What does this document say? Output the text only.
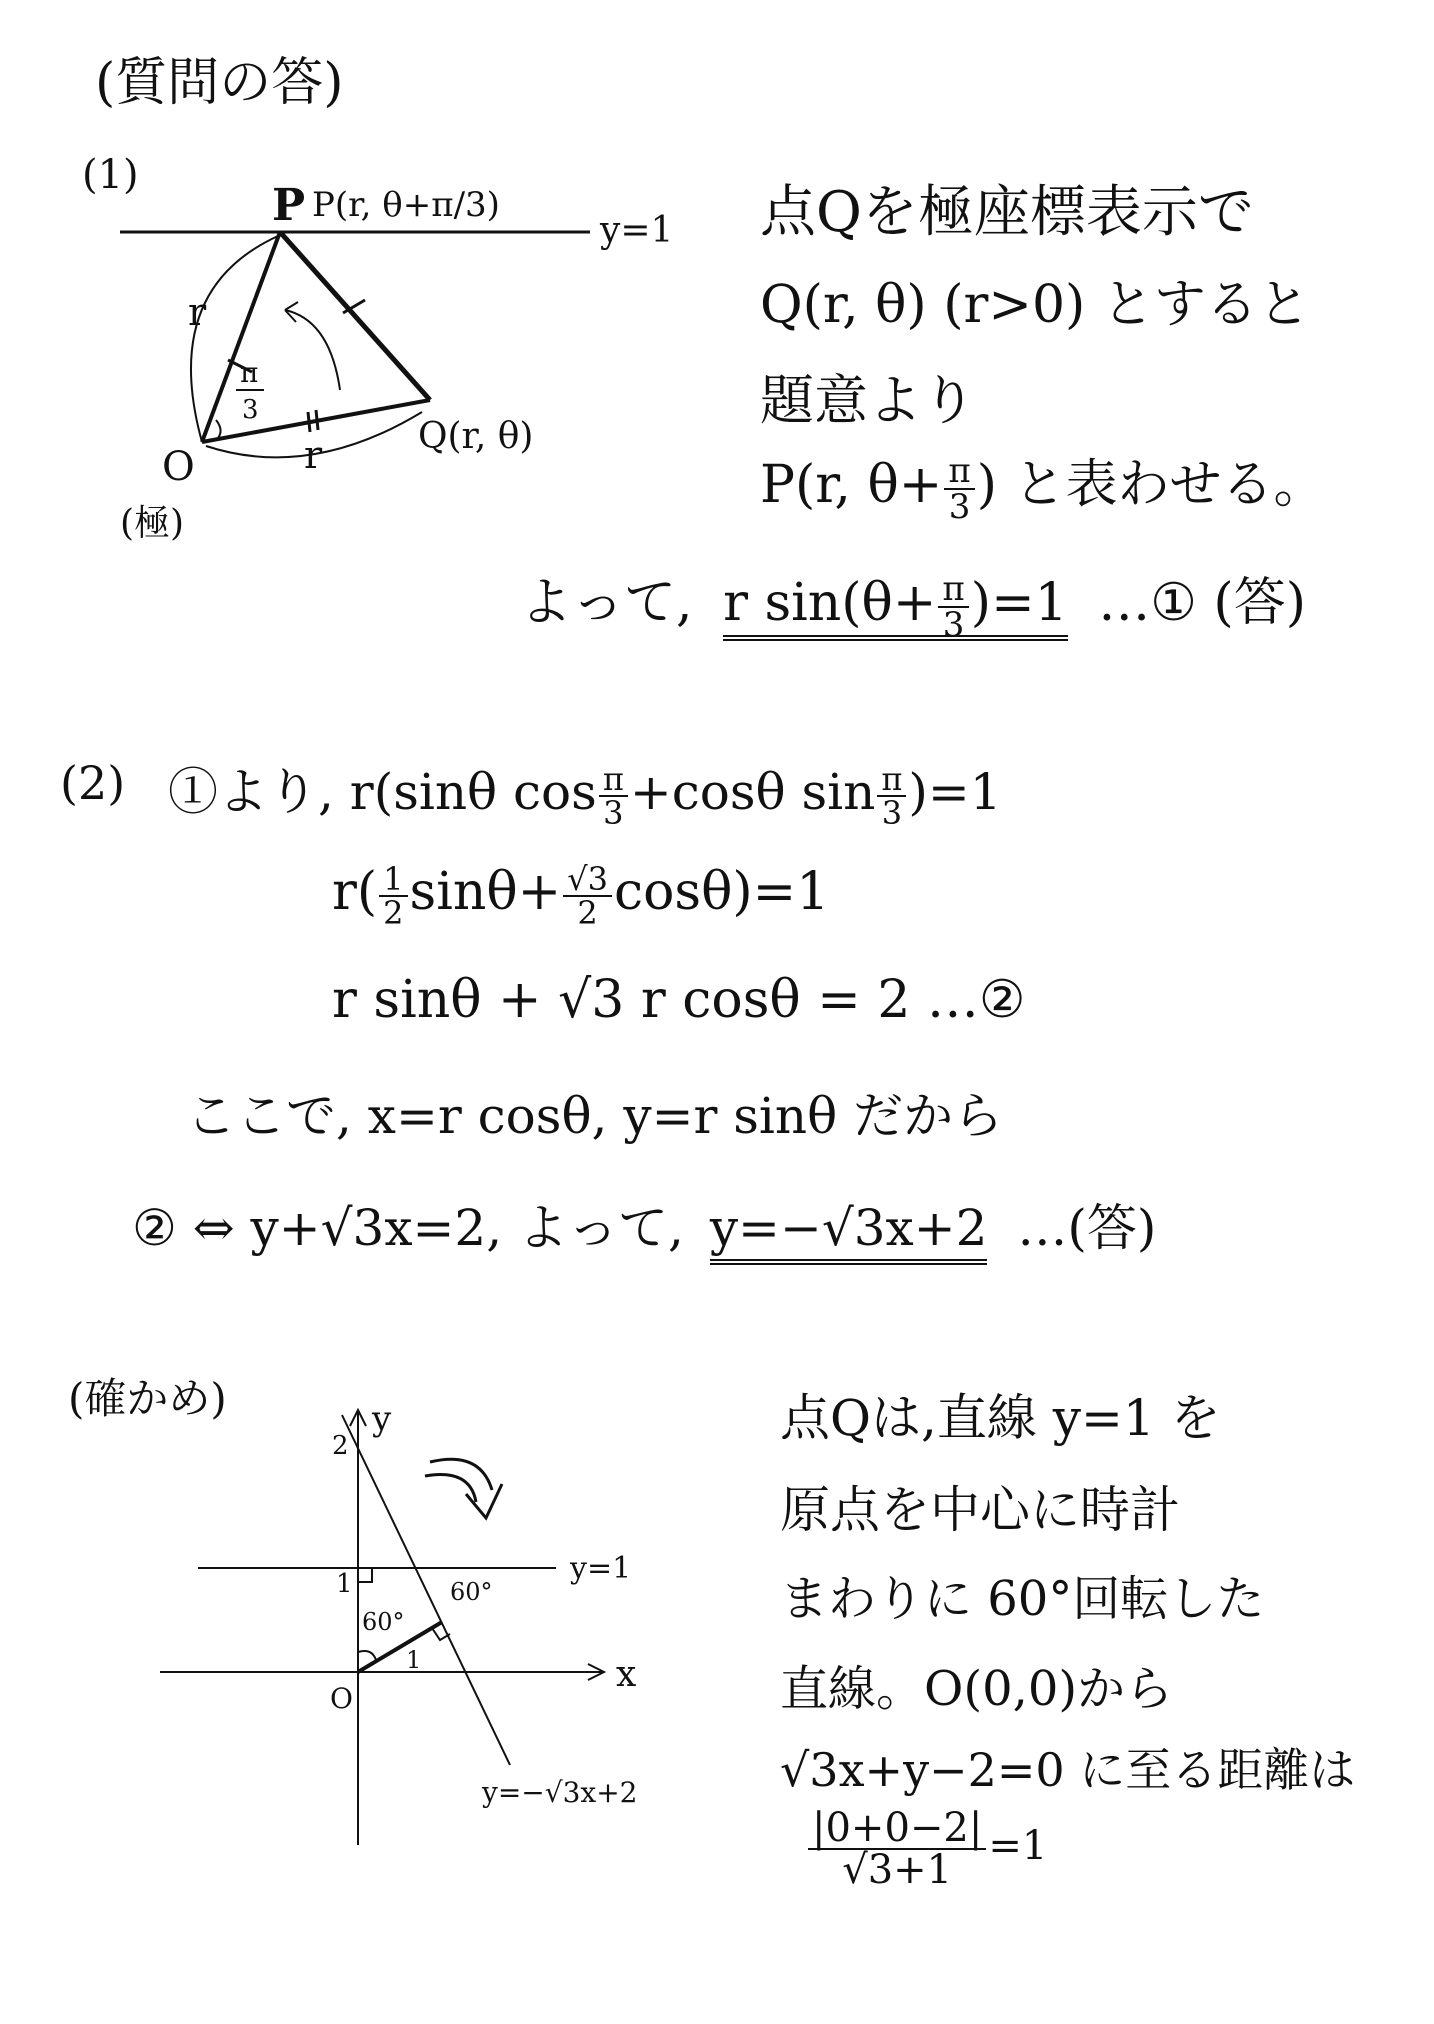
(質問の答)
(1)
P P(r, θ+π/3)
y=1
r
r
π
3
O
(極)
Q(r, θ)
点Qを極座標表示で
Q(r, θ) (r>0) とすると
題意より
P(r, $\theta+ \frac{\pi}{3}$ ) と表わせる。
よって, r $\sin(\theta+ \frac{\pi}{3} )=1$ …① (答)
(2) ①より, r(sinθ $\cos \frac{\pi}{3} +\cos\theta$ $\sin \frac{\pi}{3} )=1$
$r( \frac{1}{2} \sin\theta+ \frac{√3}{2} \cos\theta)=1$
r sinθ + √3 r cosθ = 2 …②
ここで, x=r cosθ, y=r sinθ だから
② ⇔ y+√3x=2, よって, y=−√3x+2 …(答)
(確かめ)	y
x
2
1
O
y=1
y=−√3x+2
60°
60°
1
点Qは,直線 y=1 を
原点を中心に時計
まわりに 60°回転した
直線。O(0,0)から
√3x+y−2=0 に至る距離は
$\frac{|0+0-2|}{√3+1} =1$
